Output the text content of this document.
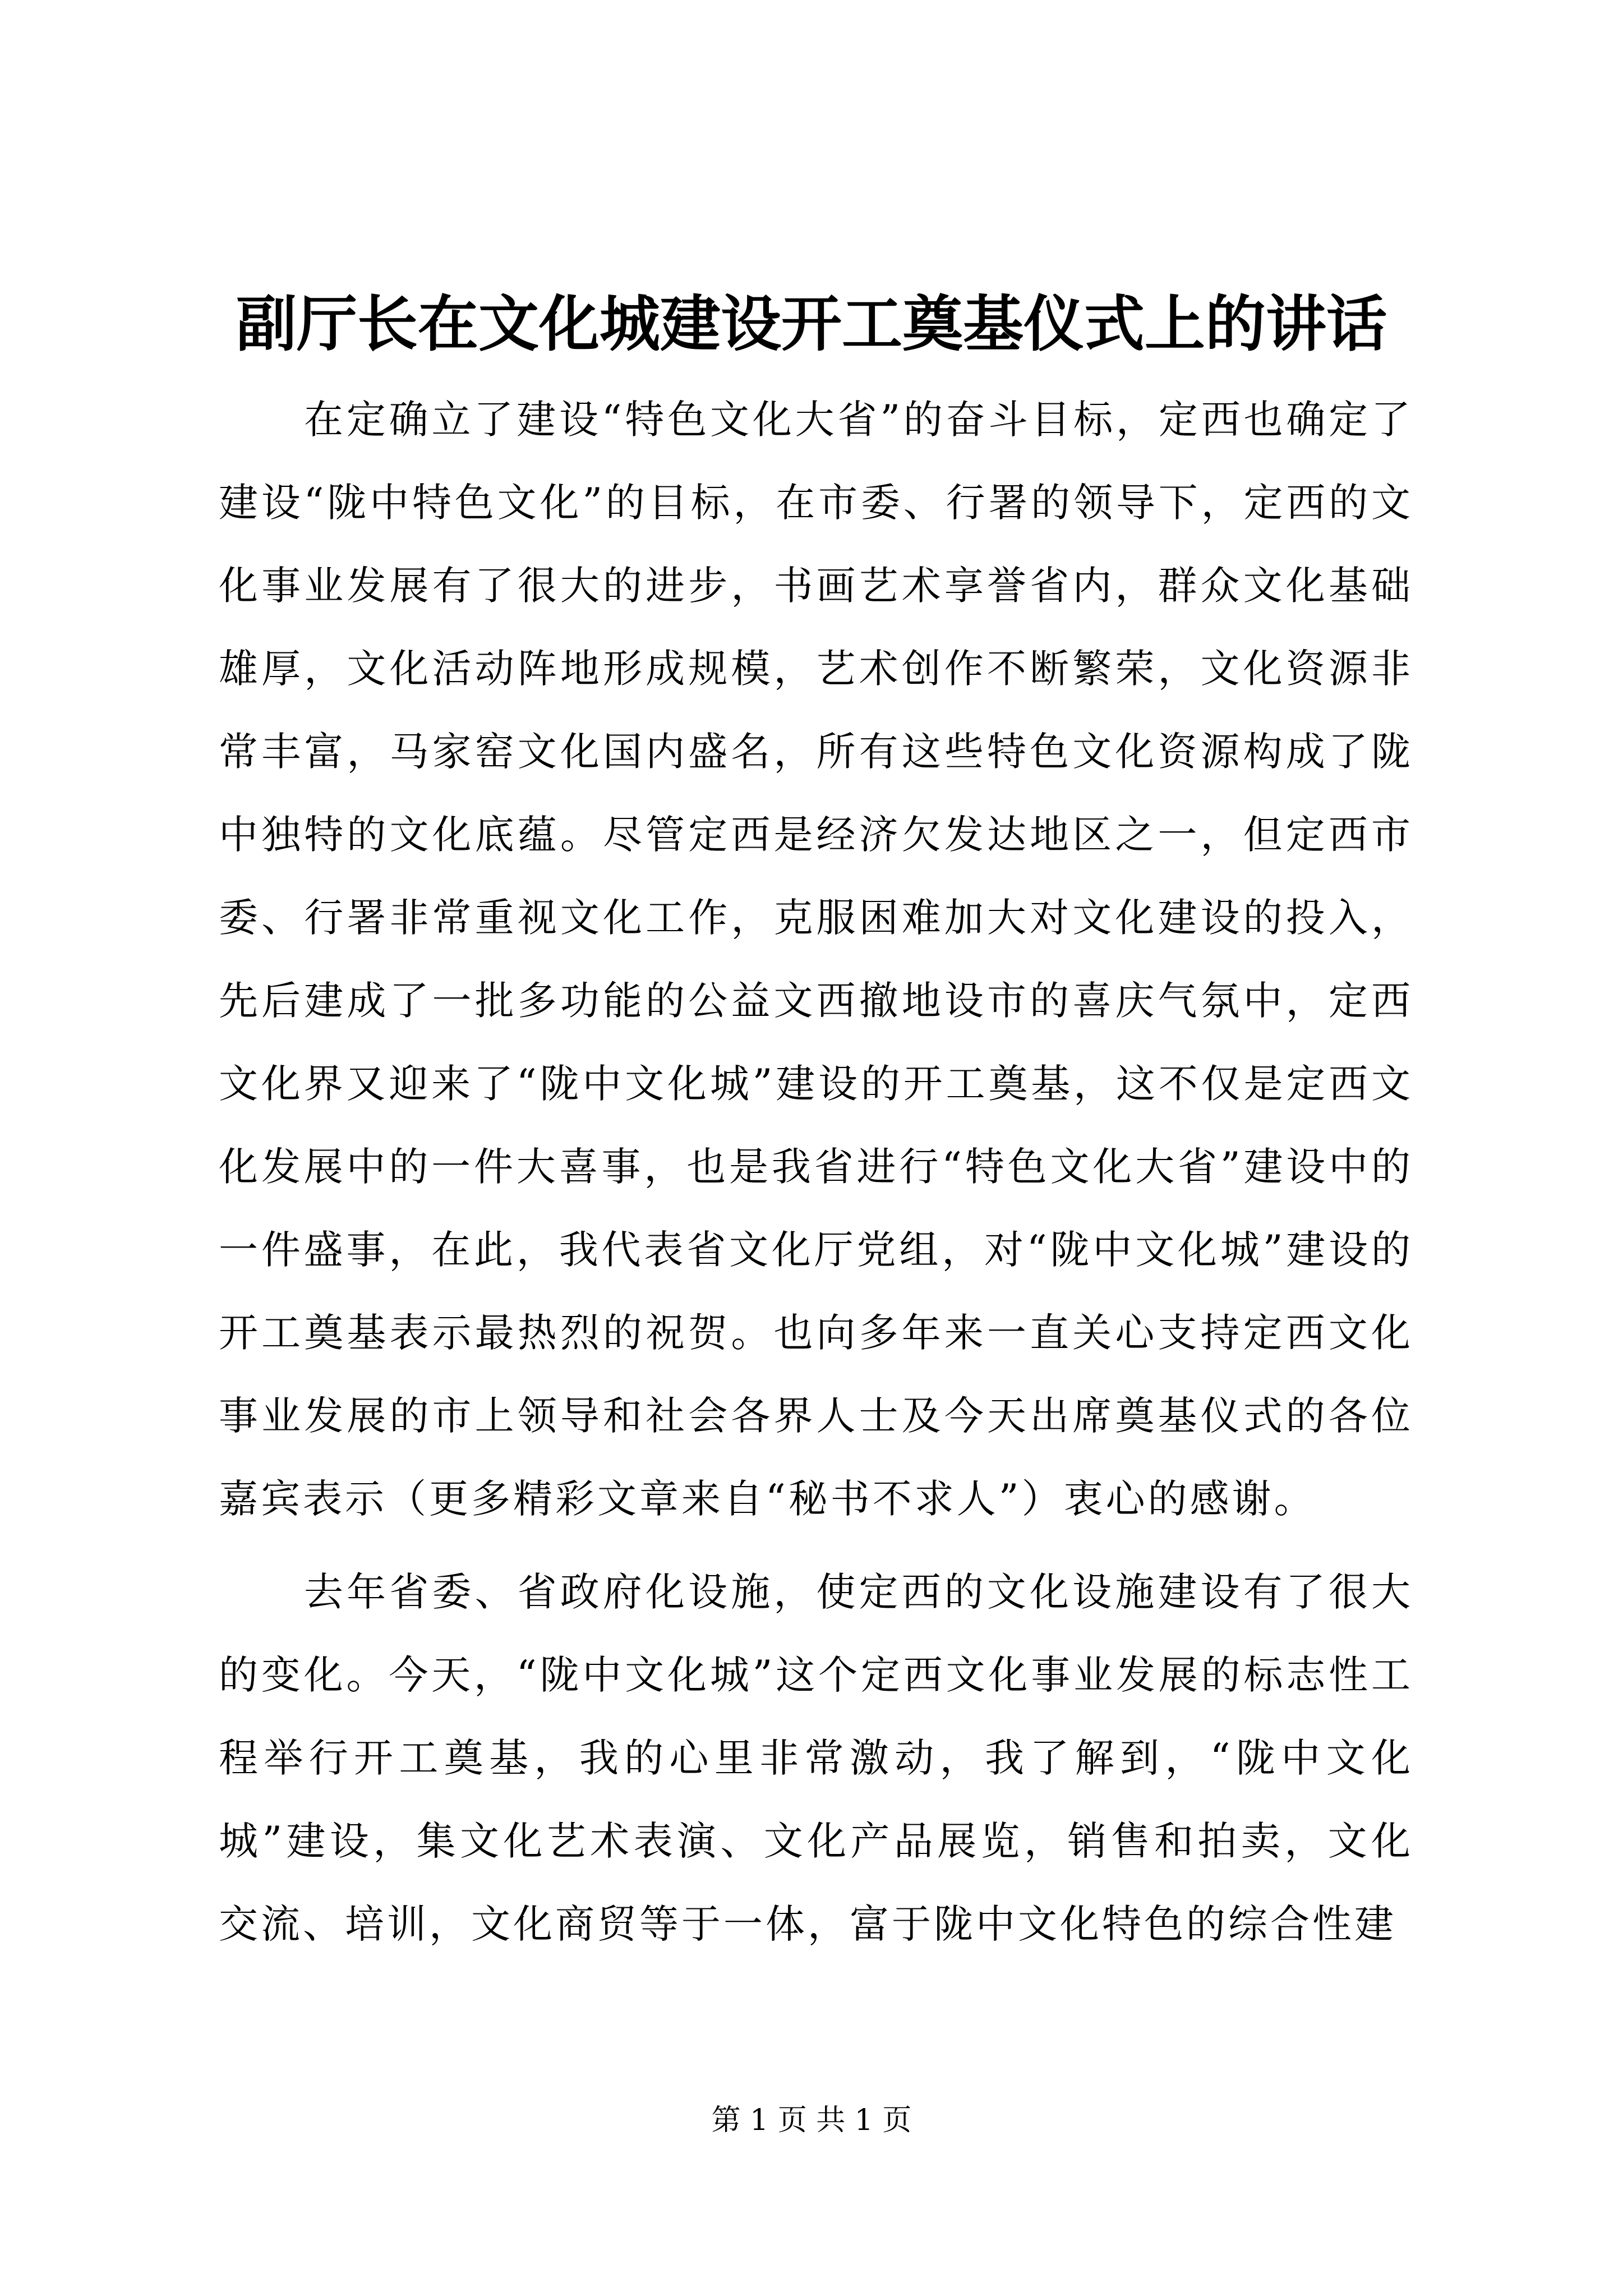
副厅长在文化城建设开工奠基仪式上的讲话

在定确立了建设“特色文化大省”的奋斗目标，定西也确定了建设“陇中特色文化”的目标，在市委、行署的领导下，定西的文化事业发展有了很大的进步，书画艺术享誉省内，群众文化基础雄厚，文化活动阵地形成规模，艺术创作不断繁荣，文化资源非常丰富，马家窑文化国内盛名，所有这些特色文化资源构成了陇中独特的文化底蕴。尽管定西是经济欠发达地区之一，但定西市委、行署非常重视文化工作，克服困难加大对文化建设的投入，先后建成了一批多功能的公益文西撤地设市的喜庆气氛中，定西文化界又迎来了“陇中文化城”建设的开工奠基，这不仅是定西文化发展中的一件大喜事，也是我省进行“特色文化大省”建设中的一件盛事，在此，我代表省文化厅党组，对“陇中文化城”建设的开工奠基表示最热烈的祝贺。也向多年来一直关心支持定西文化事业发展的市上领导和社会各界人士及今天出席奠基仪式的各位嘉宾表示（更多精彩文章来自“秘书不求人”）衷心的感谢。

去年省委、省政府化设施，使定西的文化设施建设有了很大的变化。今天，“陇中文化城”这个定西文化事业发展的标志性工程举行开工奠基，我的心里非常激动，我了解到，“陇中文化城”建设，集文化艺术表演、文化产品展览，销售和拍卖，文化交流、培训，文化商贸等于一体，富于陇中文化特色的综合性建

第 1 页 共 1 页
